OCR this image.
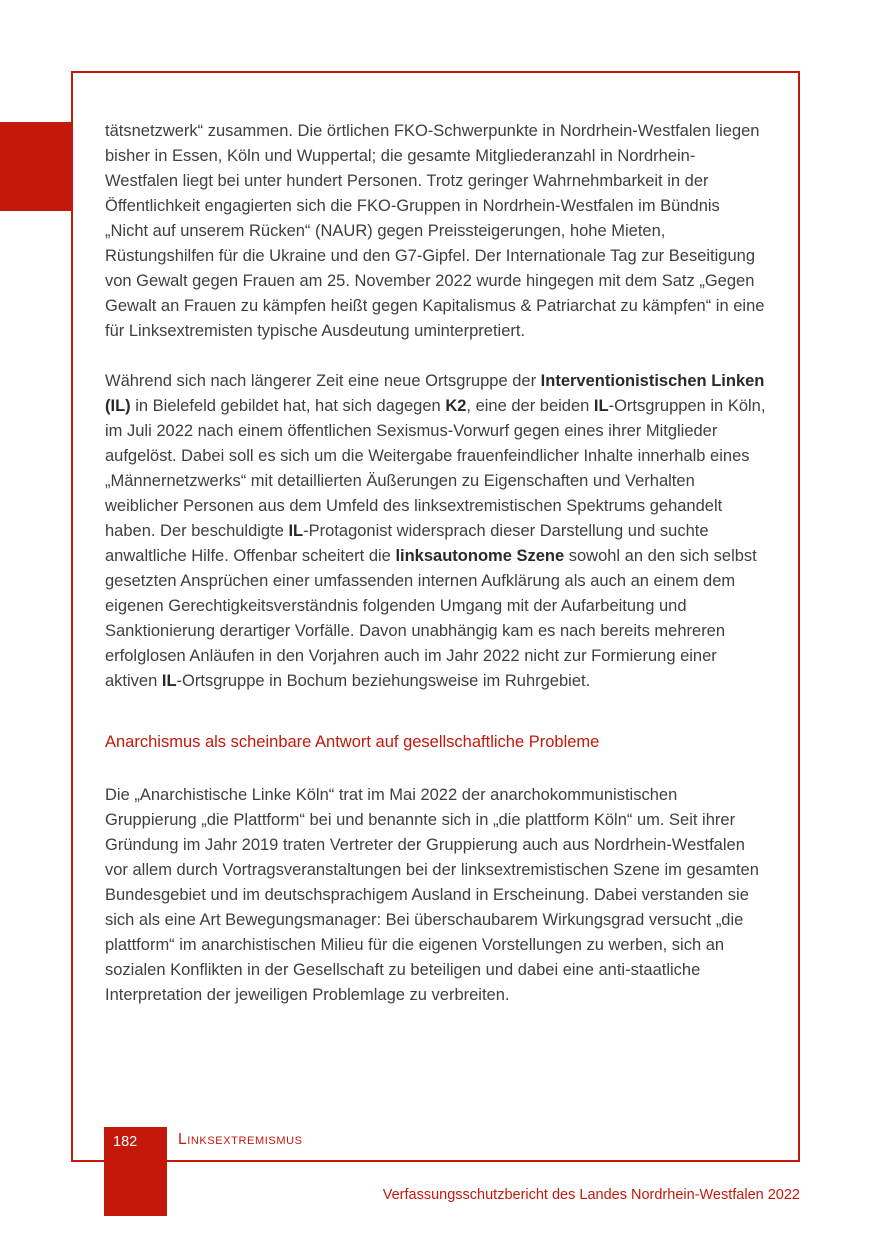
tätsnetzwerk“ zusammen. Die örtlichen FKO-Schwerpunkte in Nordrhein-Westfalen liegen bisher in Essen, Köln und Wuppertal; die gesamte Mitgliederanzahl in Nordrhein-Westfalen liegt bei unter hundert Personen. Trotz geringer Wahrnehmbarkeit in der Öffentlichkeit engagierten sich die FKO-Gruppen in Nordrhein-Westfalen im Bündnis „Nicht auf unserem Rücken“ (NAUR) gegen Preissteigerungen, hohe Mieten, Rüstungshilfen für die Ukraine und den G7-Gipfel. Der Internationale Tag zur Beseitigung von Gewalt gegen Frauen am 25. November 2022 wurde hingegen mit dem Satz „Gegen Gewalt an Frauen zu kämpfen heißt gegen Kapitalismus & Patriarchat zu kämpfen“ in eine für Linksextremisten typische Ausdeutung uminterpretiert.

Während sich nach längerer Zeit eine neue Ortsgruppe der Interventionistischen Linken (IL) in Bielefeld gebildet hat, hat sich dagegen K2, eine der beiden IL-Ortsgruppen in Köln, im Juli 2022 nach einem öffentlichen Sexismus-Vorwurf gegen eines ihrer Mitglieder aufgelöst. Dabei soll es sich um die Weitergabe frauenfeindlicher Inhalte innerhalb eines „Männernetzwerks“ mit detaillierten Äußerungen zu Eigenschaften und Verhalten weiblicher Personen aus dem Umfeld des linksextremistischen Spektrums gehandelt haben. Der beschuldigte IL-Protagonist widersprach dieser Darstellung und suchte anwaltliche Hilfe. Offenbar scheitert die linksautonome Szene sowohl an den sich selbst gesetzten Ansprüchen einer umfassenden internen Aufklärung als auch an einem dem eigenen Gerechtigkeitsverständnis folgenden Umgang mit der Aufarbeitung und Sanktionierung derartiger Vorfälle. Davon unabhängig kam es nach bereits mehreren erfolglosen Anläufen in den Vorjahren auch im Jahr 2022 nicht zur Formierung einer aktiven IL-Ortsgruppe in Bochum beziehungsweise im Ruhrgebiet.

Anarchismus als scheinbare Antwort auf gesellschaftliche Probleme

Die „Anarchistische Linke Köln“ trat im Mai 2022 der anarchokommunistischen Gruppierung „die Plattform“ bei und benannte sich in „die plattform Köln“ um. Seit ihrer Gründung im Jahr 2019 traten Vertreter der Gruppierung auch aus Nordrhein-Westfalen vor allem durch Vortragsveranstaltungen bei der linksextremistischen Szene im gesamten Bundesgebiet und im deutschsprachigem Ausland in Erscheinung. Dabei verstanden sie sich als eine Art Bewegungsmanager: Bei überschaubarem Wirkungsgrad versucht „die plattform“ im anarchistischen Milieu für die eigenen Vorstellungen zu werben, sich an sozialen Konflikten in der Gesellschaft zu beteiligen und dabei eine anti-staatliche Interpretation der jeweiligen Problemlage zu verbreiten.

182	Linksextremismus
Verfassungsschutzbericht des Landes Nordrhein-Westfalen 2022
